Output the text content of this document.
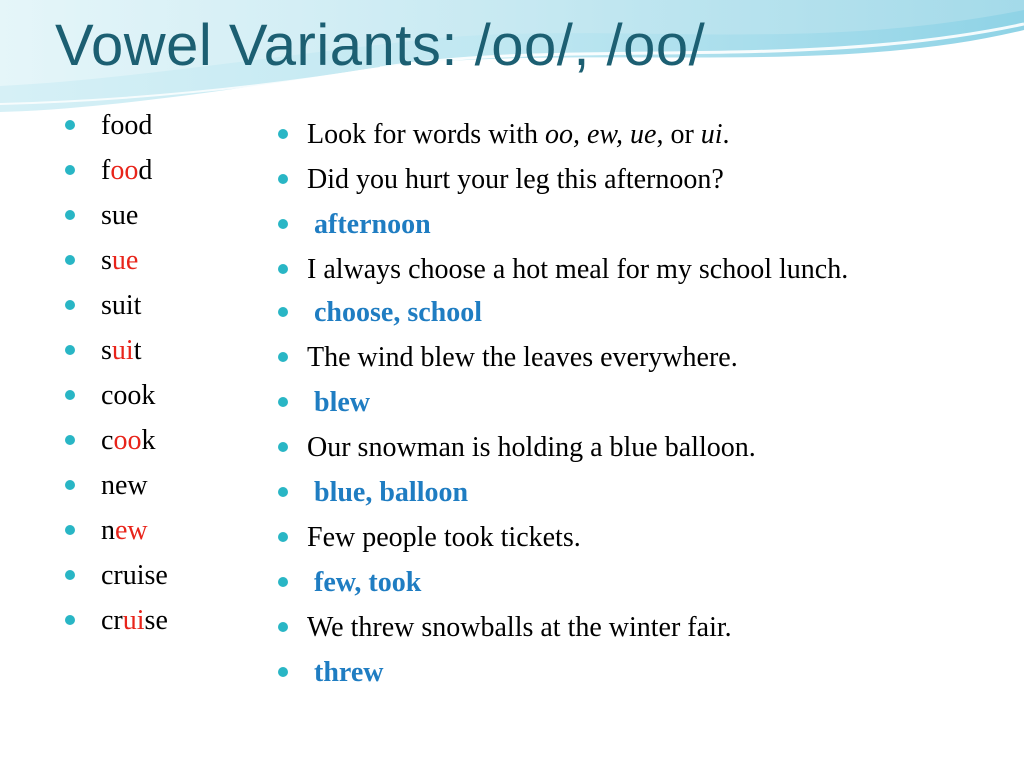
Vowel Variants: /oo/, /oo/
food
food
sue
sue
suit
suit
cook
cook
new
new
cruise
cruise
Look for words with oo, ew, ue, or ui.
Did you hurt your leg this afternoon?
afternoon
I always choose a hot meal for my school lunch.
choose, school
The wind blew the leaves everywhere.
blew
Our snowman is holding a blue balloon.
blue, balloon
Few people took tickets.
few, took
We threw snowballs at the winter fair.
threw
